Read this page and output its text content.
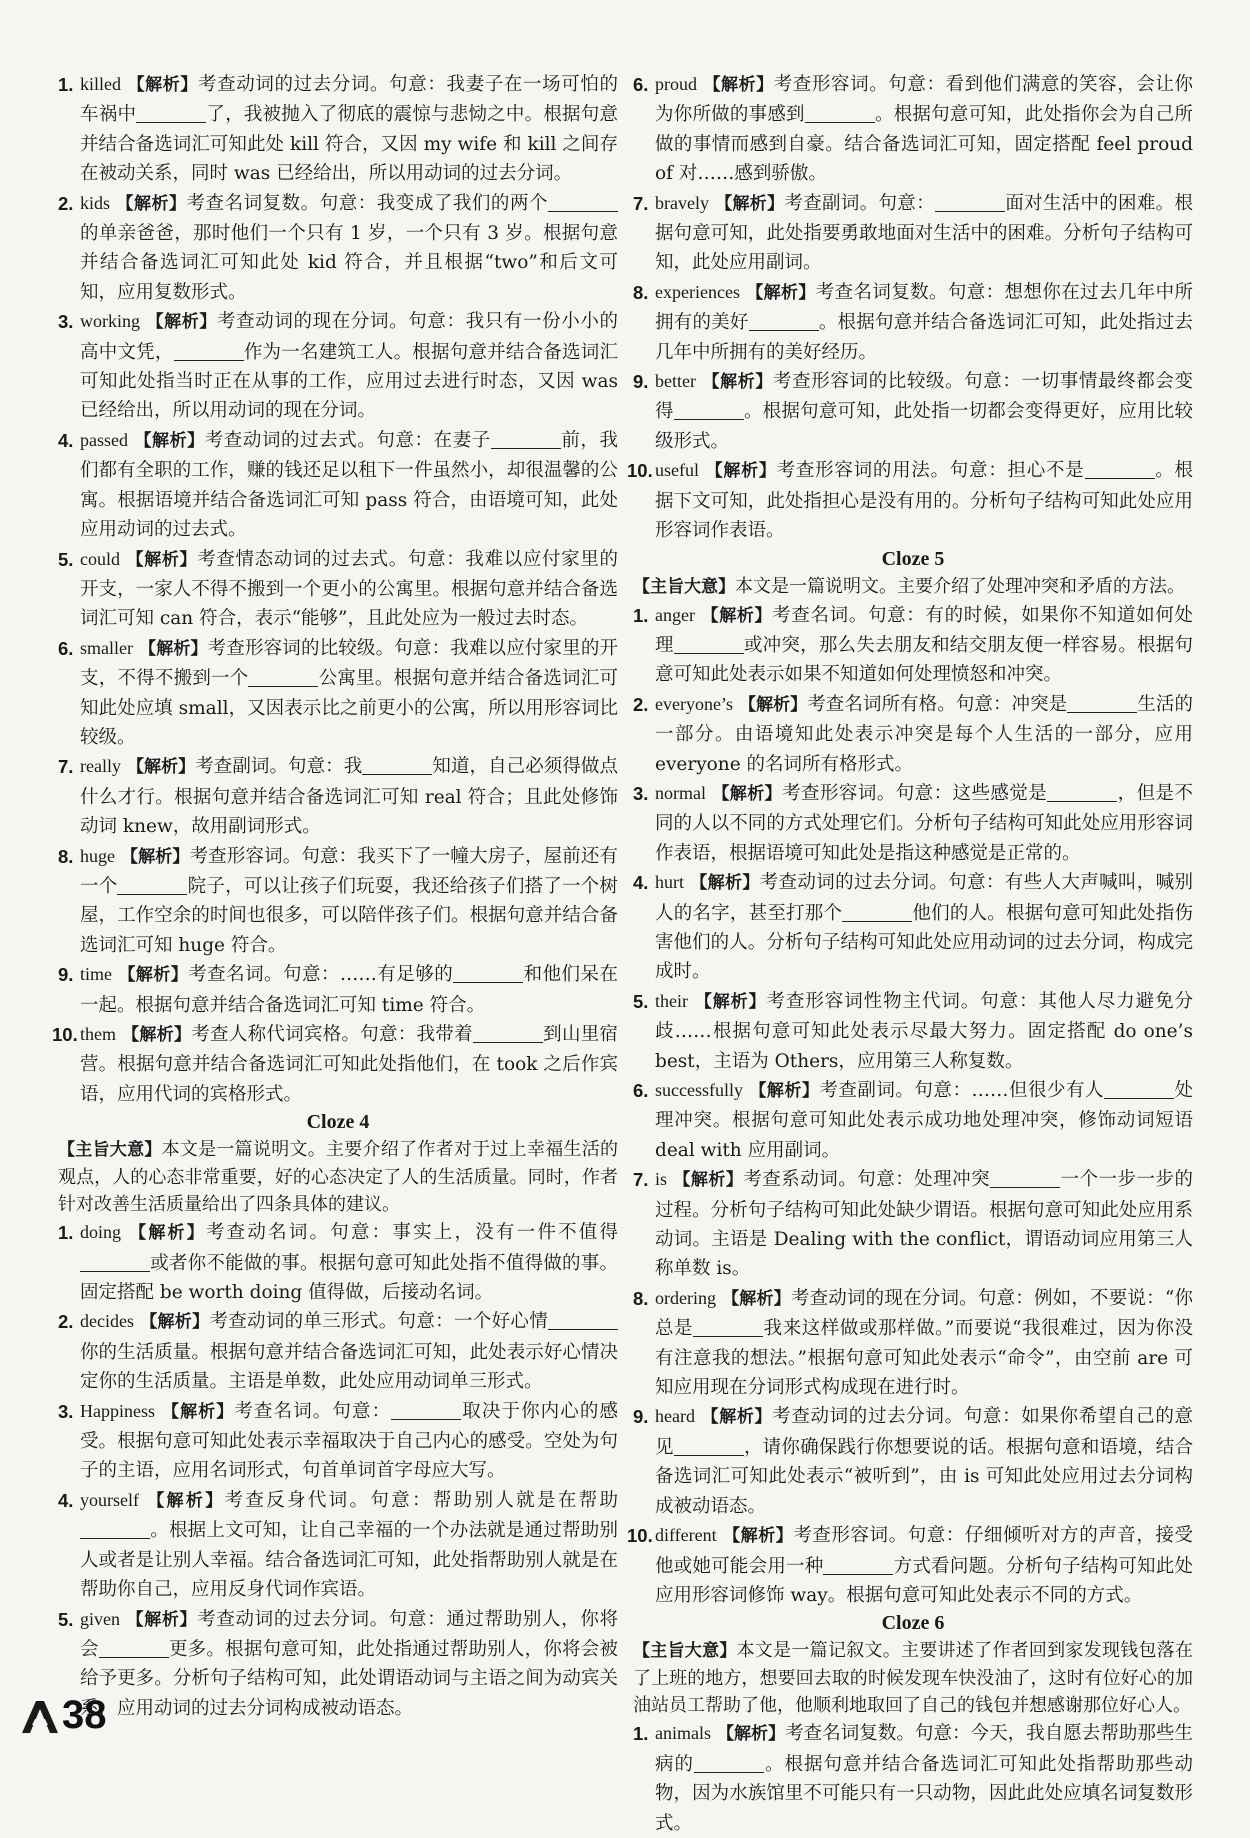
1. killed 【解析】考查动词的过去分词。句意：我妻子在一场可怕的车祸中	了，我被抛入了彻底的震惊与悲恸之中。根据句意并结合备选词汇可知此处 kill 符合，又因 my wife 和 kill 之间存在被动关系，同时 was 已经给出，所以用动词的过去分词。
2. kids 【解析】考查名词复数。句意：我变成了我们的两个的单亲爸爸，那时他们一个只有 1 岁，一个只有 3 岁。根据句意并结合备选词汇可知此处 kid 符合，并且根据“two”和后文可知，应用复数形式。
3. working 【解析】考查动词的现在分词。句意：我只有一份小小的高中文凭，	作为一名建筑工人。根据句意并结合备选词汇可知此处指当时正在从事的工作，应用过去进行时态，又因 was 已经给出，所以用动词的现在分词。
4. passed 【解析】考查动词的过去式。句意：在妻子	前，我们都有全职的工作，赚的钱还足以租下一件虽然小，却很温馨的公寓。根据语境并结合备选词汇可知 pass 符合，由语境可知，此处应用动词的过去式。
5. could 【解析】考查情态动词的过去式。句意：我难以应付家里的开支，一家人不得不搬到一个更小的公寓里。根据句意并结合备选词汇可知 can 符合，表示“能够”，且此处应为一般过去时态。
6. smaller 【解析】考查形容词的比较级。句意：我难以应付家里的开支，不得不搬到一个	公寓里。根据句意并结合备选词汇可知此处应填 small，又因表示比之前更小的公寓，所以用形容词比较级。
7. really 【解析】考查副词。句意：我	知道，自己必须得做点什么才行。根据句意并结合备选词汇可知 real 符合；且此处修饰动词 knew，故用副词形式。
8. huge 【解析】考查形容词。句意：我买下了一幢大房子，屋前还有一个	院子，可以让孩子们玩耍，我还给孩子们搭了一个树屋，工作空余的时间也很多，可以陪伴孩子们。根据句意并结合备选词汇可知 huge 符合。
9. time 【解析】考查名词。句意：……有足够的	和他们呆在一起。根据句意并结合备选词汇可知 time 符合。
10. them 【解析】考查人称代词宾格。句意：我带着	到山里宿营。根据句意并结合备选词汇可知此处指他们，在 took 之后作宾语，应用代词的宾格形式。
Cloze 4
【主旨大意】本文是一篇说明文。主要介绍了作者对于过上幸福生活的观点，人的心态非常重要，好的心态决定了人的生活质量。同时，作者针对改善生活质量给出了四条具体的建议。
1. doing 【解析】考查动名词。句意：事实上，没有一件不值得或者你不能做的事。根据句意可知此处指不值得做的事。固定搭配 be worth doing 值得做，后接动名词。
2. decides 【解析】考查动词的单三形式。句意：一个好心情你的生活质量。根据句意并结合备选词汇可知，此处表示好心情决定你的生活质量。主语是单数，此处应用动词单三形式。
3. Happiness 【解析】考查名词。句意：	取决于你内心的感受。根据句意可知此处表示幸福取决于自己内心的感受。空处为句子的主语，应用名词形式，句首单词首字母应大写。
4. yourself 【解析】考查反身代词。句意：帮助别人就是在帮助。根据上文可知，让自己幸福的一个办法就是通过帮助别人或者是让别人幸福。结合备选词汇可知，此处指帮助别人就是在帮助你自己，应用反身代词作宾语。
5. given 【解析】考查动词的过去分词。句意：通过帮助别人，你将会	更多。根据句意可知，此处指通过帮助别人，你将会被给予更多。分析句子结构可知，此处谓语动词与主语之间为动宾关系，应用动词的过去分词构成被动语态。
6. proud 【解析】考查形容词。句意：看到他们满意的笑容，会让你为你所做的事感到	。根据句意可知，此处指你会为自己所做的事情而感到自豪。结合备选词汇可知，固定搭配 feel proud of 对……感到骄傲。
7. bravely 【解析】考查副词。句意：	面对生活中的困难。根据句意可知，此处指要勇敢地面对生活中的困难。分析句子结构可知，此处应用副词。
8. experiences 【解析】考查名词复数。句意：想想你在过去几年中所拥有的美好	。根据句意并结合备选词汇可知，此处指过去几年中所拥有的美好经历。
9. better 【解析】考查形容词的比较级。句意：一切事情最终都会变得	。根据句意可知，此处指一切都会变得更好，应用比较级形式。
10. useful 【解析】考查形容词的用法。句意：担心不是	。根据下文可知，此处指担心是没有用的。分析句子结构可知此处应用形容词作表语。
Cloze 5
【主旨大意】本文是一篇说明文。主要介绍了处理冲突和矛盾的方法。
1. anger 【解析】考查名词。句意：有的时候，如果你不知道如何处理	或冲突，那么失去朋友和结交朋友便一样容易。根据句意可知此处表示如果不知道如何处理愤怒和冲突。
2. everyone’s 【解析】考查名词所有格。句意：冲突是	生活的一部分。由语境知此处表示冲突是每个人生活的一部分，应用 everyone 的名词所有格形式。
3. normal 【解析】考查形容词。句意：这些感觉是	，但是不同的人以不同的方式处理它们。分析句子结构可知此处应用形容词作表语，根据语境可知此处是指这种感觉是正常的。
4. hurt 【解析】考查动词的过去分词。句意：有些人大声喊叫，喊别人的名字，甚至打那个	他们的人。根据句意可知此处指伤害他们的人。分析句子结构可知此处应用动词的过去分词，构成完成时。
5. their 【解析】考查形容词性物主代词。句意：其他人尽力避免分歧……根据句意可知此处表示尽最大努力。固定搭配 do one’s best，主语为 Others，应用第三人称复数。
6. successfully 【解析】考查副词。句意：……但很少有人	处理冲突。根据句意可知此处表示成功地处理冲突，修饰动词短语 deal with 应用副词。
7. is 【解析】考查系动词。句意：处理冲突	一个一步一步的过程。分析句子结构可知此处缺少谓语。根据句意可知此处应用系动词。主语是 Dealing with the conflict，谓语动词应用第三人称单数 is。
8. ordering 【解析】考查动词的现在分词。句意：例如，不要说：“你总是	我来这样做或那样做。”而要说“我很难过，因为你没有注意我的想法。”根据句意可知此处表示“命令”，由空前 are 可知应用现在分词形式构成现在进行时。
9. heard 【解析】考查动词的过去分词。句意：如果你希望自己的意见	，请你确保践行你想要说的话。根据句意和语境，结合备选词汇可知此处表示“被听到”，由 is 可知此处应用过去分词构成被动语态。
10. different 【解析】考查形容词。句意：仔细倾听对方的声音，接受他或她可能会用一种	方式看问题。分析句子结构可知此处应用形容词修饰 way。根据句意可知此处表示不同的方式。
Cloze 6
【主旨大意】本文是一篇记叙文。主要讲述了作者回到家发现钱包落在了上班的地方，想要回去取的时候发现车快没油了，这时有位好心的加油站员工帮助了他，他顺利地取回了自己的钱包并想感谢那位好心人。
1. animals 【解析】考查名词复数。句意：今天，我自愿去帮助那些生病的	。根据句意并结合备选词汇可知此处指帮助那些动物，因为水族馆里不可能只有一只动物，因此此处应填名词复数形式。
38
